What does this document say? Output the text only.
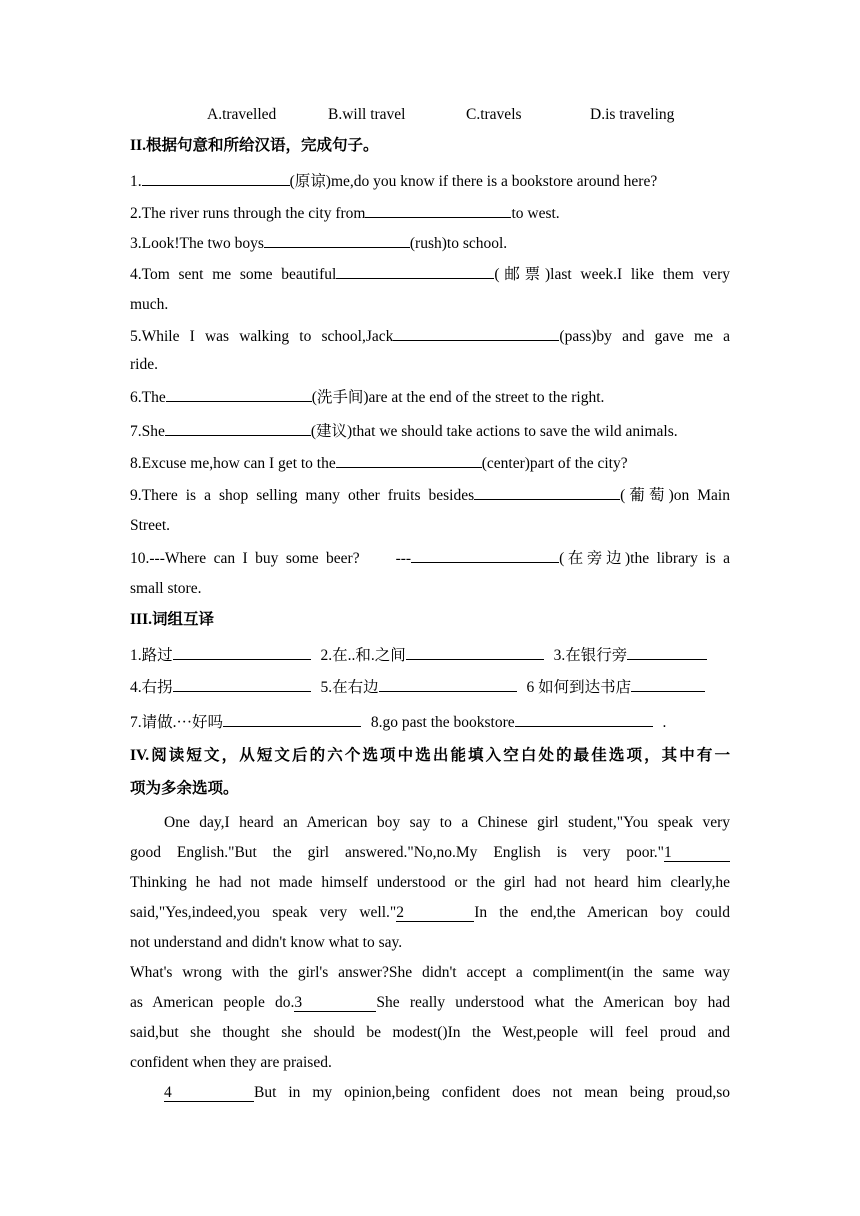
A.travelled	B.will travel	C.travels	D.is traveling
II.根据句意和所给汉语，完成句子。
1.	(原谅)me,do you know if there is a bookstore around here?
2.The river runs through the city from	to west.
3.Look!The two boys	(rush)to school.
4.Tom sent me some beautiful	(邮票)last week.I like them very
much.
5.While I was walking to school,Jack	(pass)by and gave me a
ride.
6.The	(洗手间)are at the end of the street to the right.
7.She	(建议)that we should take actions to save the wild animals.
8.Excuse me,how can I get to the	(center)part of the city?
9.There is a shop selling many other fruits besides	(葡萄)on Main
Street.
10.---Where can I buy some beer? ---	(在旁边)the library is a
small store.
III.词组互译
1.路过	2.在..和.之间	3.在银行旁
4.右拐	5.在右边	6 如何到达书店
7.请做.···好吗	8.go past the bookstore	.
IV.阅读短文，从短文后的六个选项中选出能填入空白处的最佳选项，其中有一
项为多余选项。
One day,I heard an American boy say to a Chinese girl student,"You speak very
good English."But the girl answered."No,no.My English is very poor."1
Thinking he had not made himself understood or the girl had not heard him clearly,he
said,"Yes,indeed,you speak very well."2	In the end,the American boy could
not understand and didn't know what to say.
What's wrong with the girl's answer?She didn't accept a compliment(in the same way
as American people do.3	She really understood what the American boy had
said,but she thought she should be modest()In the West,people will feel proud and
confident when they are praised.
4	But in my opinion,being confident does not mean being proud,so
